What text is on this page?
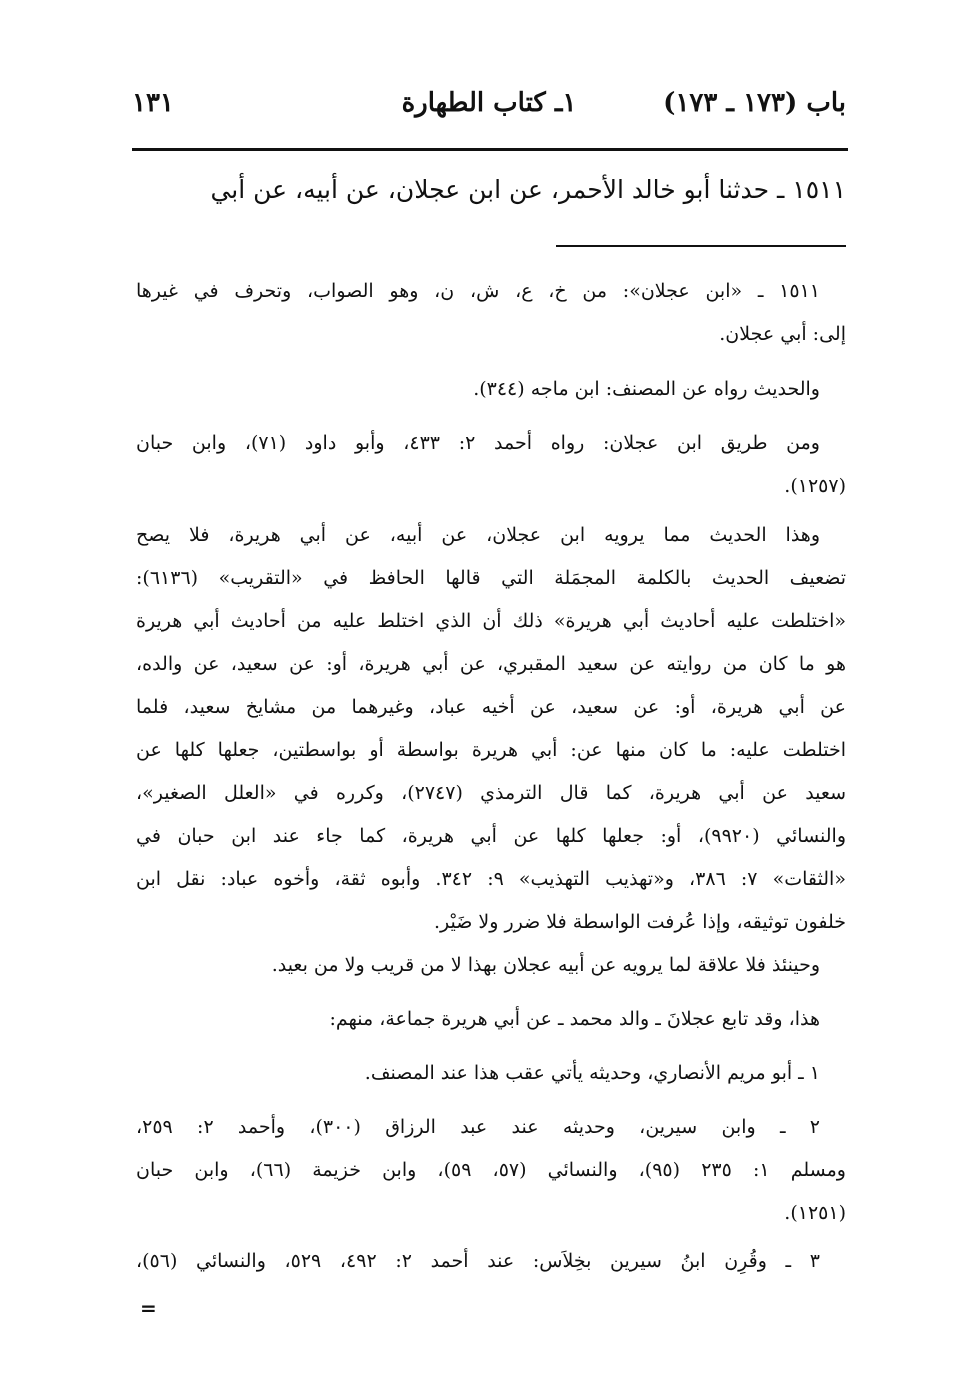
باب (١٧٣ ـ ١٧٣)
١ـ كتاب الطهارة
١٣١
١٥١١ ـ حدثنا أبو خالد الأحمر، عن ابن عجلان، عن أبيه، عن أبي
١٥١١ ـ «ابن عجلان»: من خ، ع، ش، ن، وهو الصواب، وتحرف في غيرها
إلى: أبي عجلان.
والحديث رواه عن المصنف: ابن ماجه (٣٤٤).
ومن طريق ابن عجلان: رواه أحمد ٢: ٤٣٣، وأبو داود (٧١)، وابن حبان
(١٢٥٧).
وهذا الحديث مما يرويه ابن عجلان، عن أبيه، عن أبي هريرة، فلا يصح
تضعيف الحديث بالكلمة المجمَلة التي قالها الحافظ في «التقريب» (٦١٣٦):
«اختلطت عليه أحاديث أبي هريرة» ذلك أن الذي اختلط عليه من أحاديث أبي هريرة
هو ما كان من روايته عن سعيد المقبري، عن أبي هريرة، أو: عن سعيد، عن والده،
عن أبي هريرة، أو: عن سعيد، عن أخيه عباد، وغيرهما من مشايخ سعيد، فلما
اختلطت عليه: ما كان منها عن: أبي هريرة بواسطة أو بواسطتين، جعلها كلها عن
سعيد عن أبي هريرة، كما قال الترمذي (٢٧٤٧)، وكرره في «العلل الصغير»،
والنسائي (٩٩٢٠)، أو: جعلها كلها عن أبي هريرة، كما جاء عند ابن حبان في
«الثقات» ٧: ٣٨٦، و«تهذيب التهذيب» ٩: ٣٤٢. وأبوه ثقة، وأخوه عباد: نقل ابن
خلفون توثيقه، وإذا عُرفت الواسطة فلا ضرر ولا ضَيْر.
وحينئذ فلا علاقة لما يرويه عن أبيه عجلان بهذا لا من قريب ولا من بعيد.
هذا، وقد تابع عجلانَ ـ والد محمد ـ عن أبي هريرة جماعة، منهم:
١ ـ أبو مريم الأنصاري، وحديثه يأتي عقب هذا عند المصنف.
٢ ـ وابن سيرين، وحديثه عند عبد الرزاق (٣٠٠)، وأحمد ٢: ٢٥٩،
ومسلم ١: ٢٣٥ (٩٥)، والنسائي (٥٧، ٥٩)، وابن خزيمة (٦٦)، وابن حبان
(١٢٥١).
٣ ـ وقُرِن ابنُ سيرين بخِلاَس: عند أحمد ٢: ٤٩٢، ٥٢٩، والنسائي (٥٦)،
=
